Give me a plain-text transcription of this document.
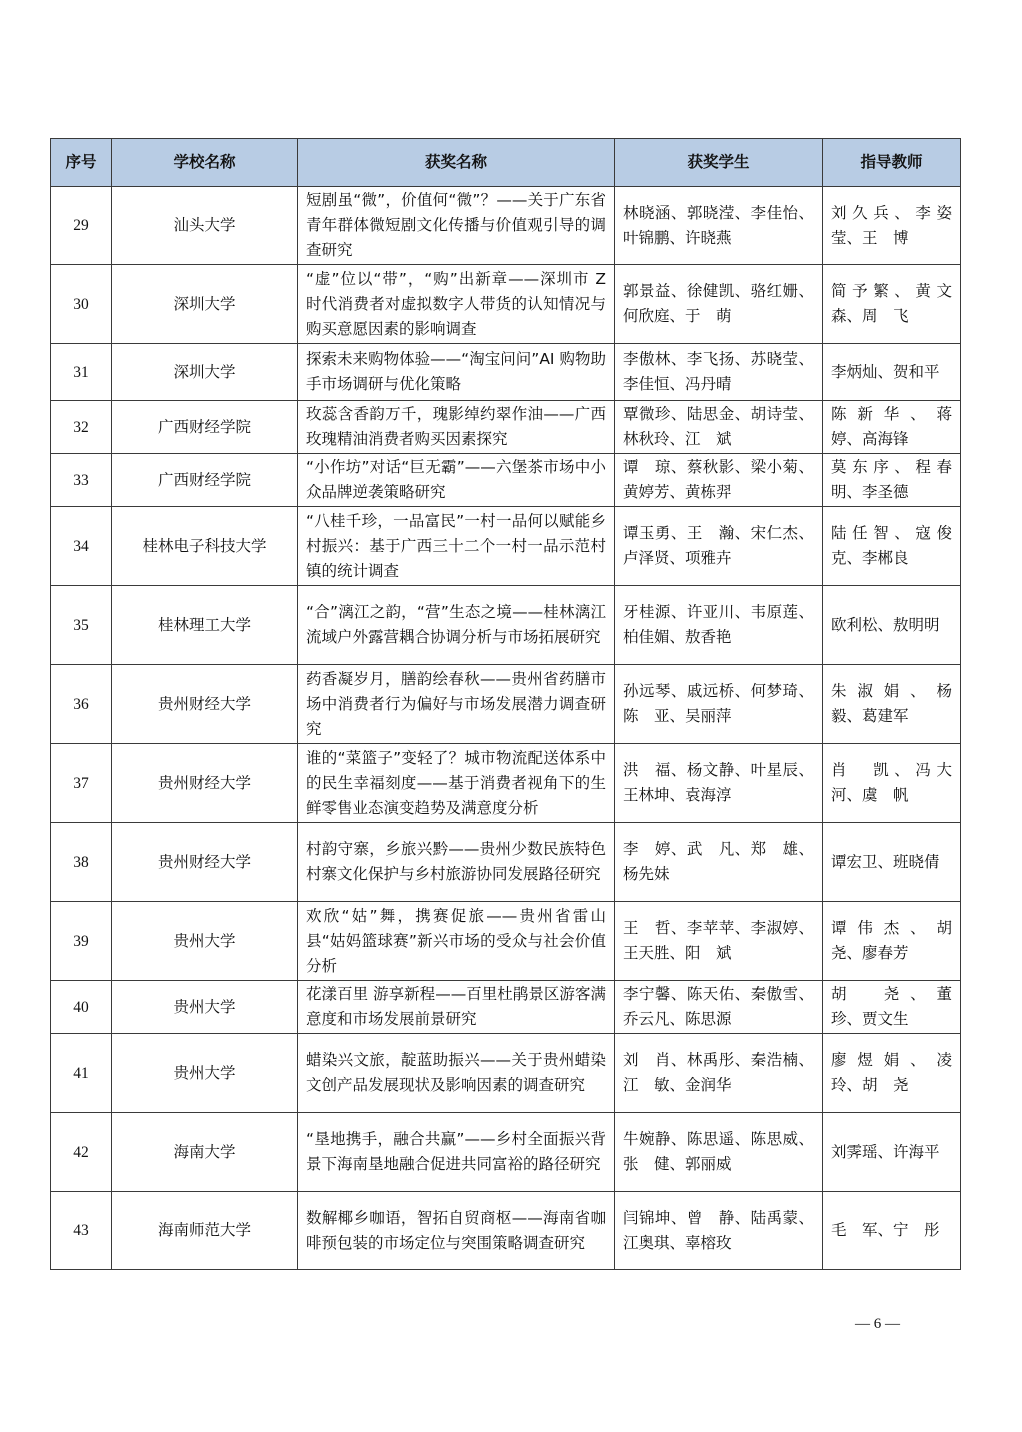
序号	学校名称	获奖名称	获奖学生	指导教师
29	汕头大学	短剧虽“微”，价值何“微”？——关于广东省青年群体微短剧文化传播与价值观引导的调查研究	林晓涵、郭晓滢、李佳怡、叶锦鹏、许晓燕	刘久兵、李姿莹、王　博
30	深圳大学	“虚”位以“带”，“购”出新章——深圳市 Z 时代消费者对虚拟数字人带货的认知情况与购买意愿因素的影响调查	郭景益、徐健凯、骆红姗、何欣庭、于　萌	简予繁、黄文森、周　飞
31	深圳大学	探索未来购物体验——“淘宝问问”AI 购物助手市场调研与优化策略	李傲林、李飞扬、苏晓莹、李佳恒、冯丹晴	李炳灿、贺和平
32	广西财经学院	玫蕊含香韵万千，瑰影绰约翠作油——广西玫瑰精油消费者购买因素探究	覃微珍、陆思金、胡诗莹、林秋玲、江　斌	陈新华、蒋　婷、高海锋
33	广西财经学院	“小作坊”对话“巨无霸”——六堡茶市场中小众品牌逆袭策略研究	谭　琼、蔡秋影、梁小菊、黄婷芳、黄栋羿	莫东序、程春明、李圣德
34	桂林电子科技大学	“八桂千珍，一品富民”一村一品何以赋能乡村振兴：基于广西三十二个一村一品示范村镇的统计调查	谭玉勇、王　瀚、宋仁杰、卢泽贤、项雅卉	陆任智、寇俊克、李郴良
35	桂林理工大学	“合”漓江之韵，“营”生态之境——桂林漓江流域户外露营耦合协调分析与市场拓展研究	牙桂源、许亚川、韦原莲、柏佳媚、敖香艳	欧利松、敖明明
36	贵州财经大学	药香凝岁月，膳韵绘春秋——贵州省药膳市场中消费者行为偏好与市场发展潜力调查研究	孙远琴、戚远桥、何梦琦、陈　亚、吴丽萍	朱淑娟、杨　毅、葛建军
37	贵州财经大学	谁的“菜篮子”变轻了？城市物流配送体系中的民生幸福刻度——基于消费者视角下的生鲜零售业态演变趋势及满意度分析	洪　福、杨文静、叶星辰、王林坤、袁海淳	肖　凯、冯大河、虞　帆
38	贵州财经大学	村韵守寨，乡旅兴黔——贵州少数民族特色村寨文化保护与乡村旅游协同发展路径研究	李　婷、武　凡、郑　雄、杨先妹	谭宏卫、班晓倩
39	贵州大学	欢欣“姑”舞，携赛促旅——贵州省雷山县“姑妈篮球赛”新兴市场的受众与社会价值分析	王　哲、李苹苹、李淑婷、王天胜、阳　斌	谭伟杰、胡　尧、廖春芳
40	贵州大学	花漾百里 游享新程——百里杜鹃景区游客满意度和市场发展前景研究	李宁馨、陈天佑、秦傲雪、乔云凡、陈思源	胡　尧、董　珍、贾文生
41	贵州大学	蜡染兴文旅，靛蓝助振兴——关于贵州蜡染文创产品发展现状及影响因素的调查研究	刘　肖、林禹彤、秦浩楠、江　敏、金润华	廖煜娟、凌　玲、胡　尧
42	海南大学	“垦地携手，融合共赢”——乡村全面振兴背景下海南垦地融合促进共同富裕的路径研究	牛婉静、陈思遥、陈思威、张　健、郭丽威	刘霁瑶、许海平
43	海南师范大学	数解椰乡咖语，智拓自贸商枢——海南省咖啡预包装的市场定位与突围策略调查研究	闫锦坤、曾　静、陆禹蒙、江奥琪、辜榕玫	毛　军、宁　彤
— 6 —
